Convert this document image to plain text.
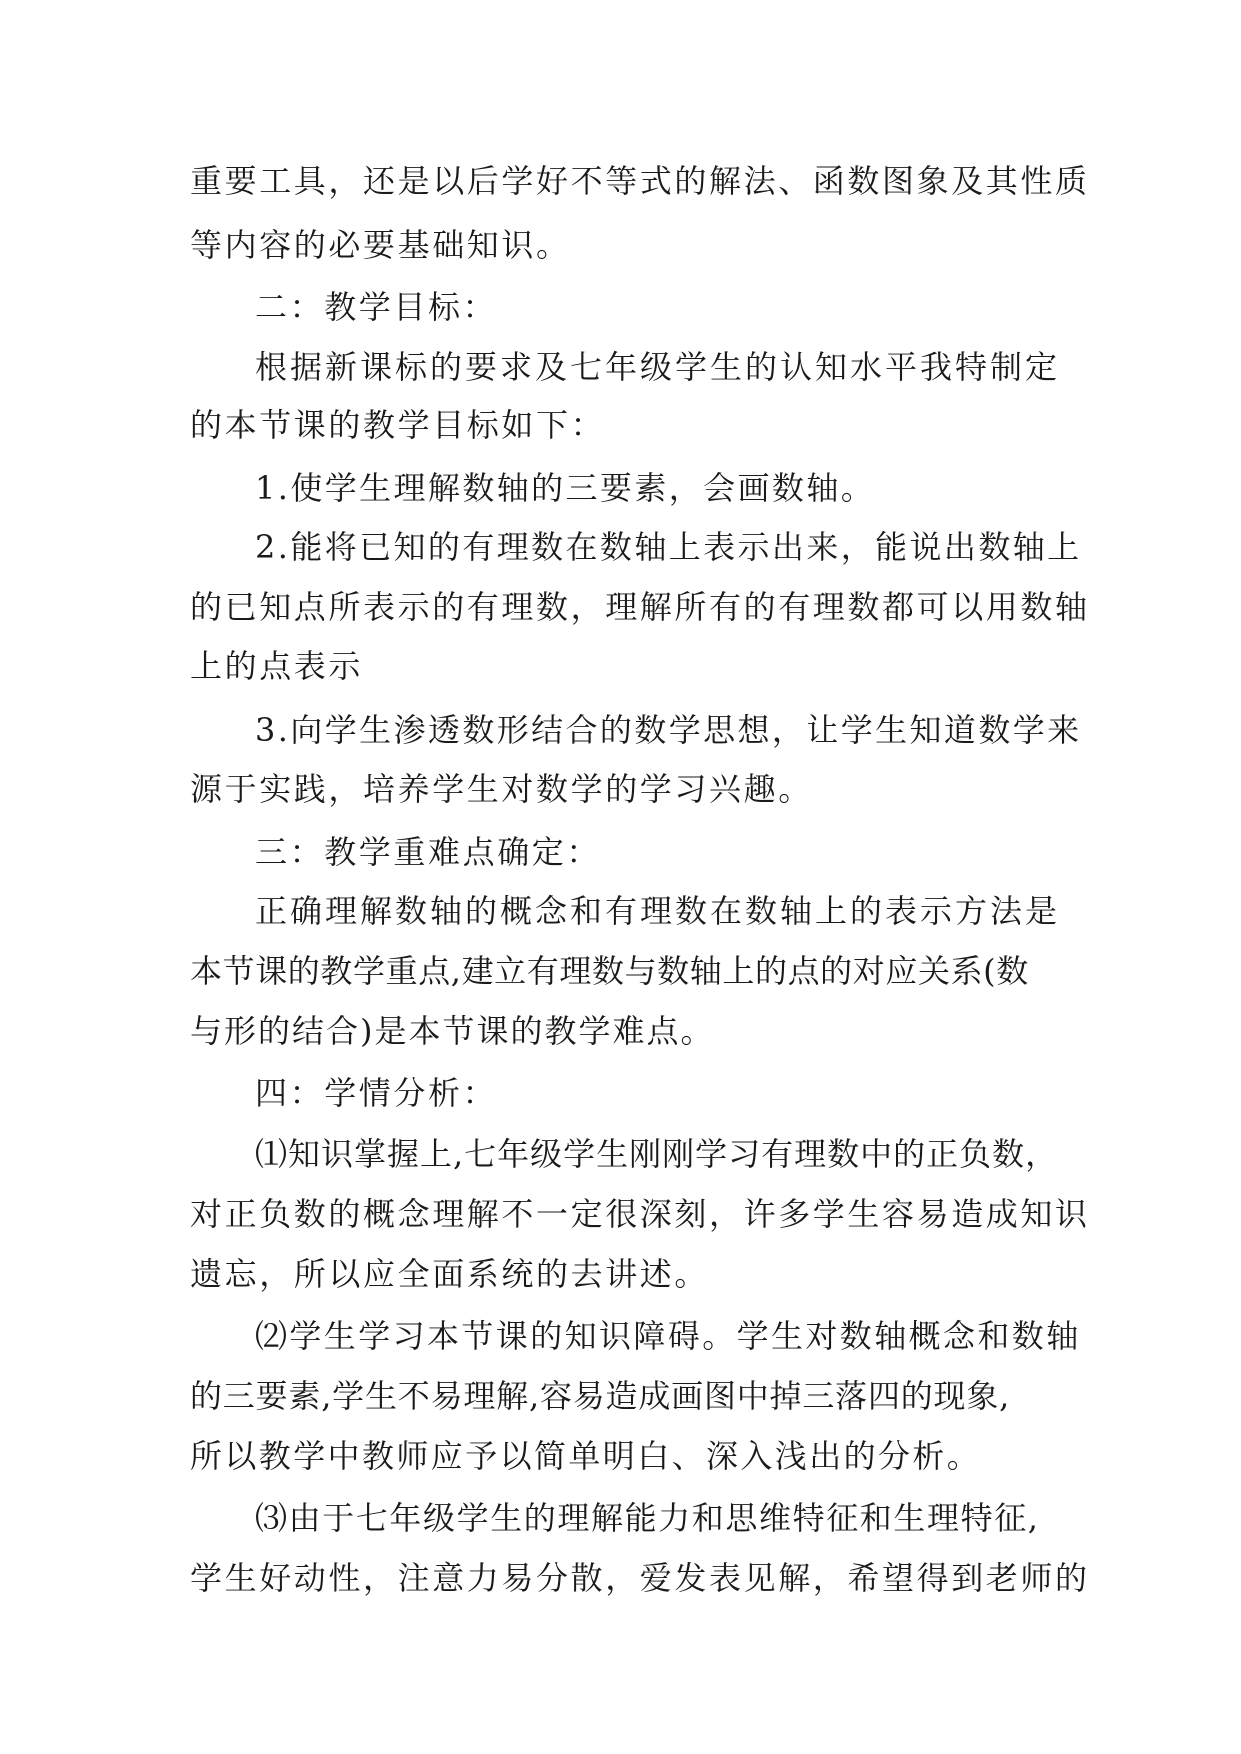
重要工具，还是以后学好不等式的解法、函数图象及其性质
等内容的必要基础知识。
二：教学目标：
根据新课标的要求及七年级学生的认知水平我特制定
的本节课的教学目标如下：
1.使学生理解数轴的三要素，会画数轴。
2.能将已知的有理数在数轴上表示出来，能说出数轴上
的已知点所表示的有理数，理解所有的有理数都可以用数轴
上的点表示
3.向学生渗透数形结合的数学思想，让学生知道数学来
源于实践，培养学生对数学的学习兴趣。
三：教学重难点确定：
正确理解数轴的概念和有理数在数轴上的表示方法是
本节课的教学重点,建立有理数与数轴上的点的对应关系(数
与形的结合)是本节课的教学难点。
四：学情分析：
⑴知识掌握上,七年级学生刚刚学习有理数中的正负数，
对正负数的概念理解不一定很深刻，许多学生容易造成知识
遗忘，所以应全面系统的去讲述。
⑵学生学习本节课的知识障碍。学生对数轴概念和数轴
的三要素,学生不易理解,容易造成画图中掉三落四的现象,
所以教学中教师应予以简单明白、深入浅出的分析。
⑶由于七年级学生的理解能力和思维特征和生理特征,
学生好动性，注意力易分散，爱发表见解，希望得到老师的
